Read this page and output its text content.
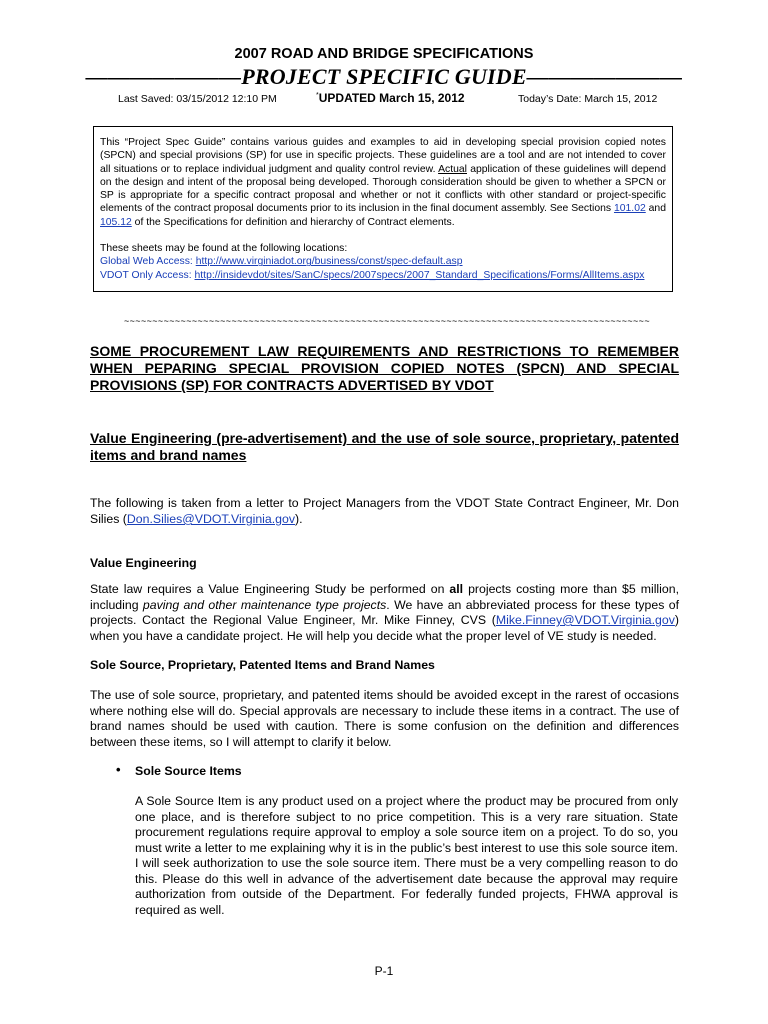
2007 ROAD AND BRIDGE SPECIFICATIONS
———————PROJECT SPECIFIC GUIDE———————
Last Saved: 03/15/2012 12:10 PM	*UPDATED March 15, 2012	Today’s Date: March 15, 2012

This “Project Spec Guide” contains various guides and examples to aid in developing special provision copied notes (SPCN) and special provisions (SP) for use in specific projects. These guidelines are a tool and are not intended to cover all situations or to replace individual judgment and quality control review. Actual application of these guidelines will depend on the design and intent of the proposal being developed. Thorough consideration should be given to whether a SPCN or SP is appropriate for a specific contract proposal and whether or not it conflicts with other standard or project-specific elements of the contract proposal documents prior to its inclusion in the final document assembly. See Sections 101.02 and 105.12 of the Specifications for definition and hierarchy of Contract elements.

These sheets may be found at the following locations:
Global Web Access: http://www.virginiadot.org/business/const/spec-default.asp
VDOT Only Access: http://insidevdot/sites/SanC/specs/2007specs/2007_Standard_Specifications/Forms/AllItems.aspx

~~~~~~~~~~~~~~~~~~~~~~~~~~~~~~~~~~~~~~~~~~~~~~~~~~~~~~~~~~~~~~~~~~~~~~~~~~~~~~~~~~~~~~~~~~~~~
SOME PROCUREMENT LAW REQUIREMENTS AND RESTRICTIONS TO REMEMBER WHEN PEPARING SPECIAL PROVISION COPIED NOTES (SPCN) AND SPECIAL PROVISIONS (SP) FOR CONTRACTS ADVERTISED BY VDOT
Value Engineering (pre-advertisement) and the use of sole source, proprietary, patented items and brand names
The following is taken from a letter to Project Managers from the VDOT State Contract Engineer, Mr. Don Silies (Don.Silies@VDOT.Virginia.gov).
Value Engineering
State law requires a Value Engineering Study be performed on all projects costing more than $5 million, including paving and other maintenance type projects. We have an abbreviated process for these types of projects. Contact the Regional Value Engineer, Mr. Mike Finney, CVS (Mike.Finney@VDOT.Virginia.gov) when you have a candidate project. He will help you decide what the proper level of VE study is needed.
Sole Source, Proprietary, Patented Items and Brand Names
The use of sole source, proprietary, and patented items should be avoided except in the rarest of occasions where nothing else will do. Special approvals are necessary to include these items in a contract. The use of brand names should be used with caution. There is some confusion on the definition and differences between these items, so I will attempt to clarify it below.
• Sole Source Items
A Sole Source Item is any product used on a project where the product may be procured from only one place, and is therefore subject to no price competition. This is a very rare situation. State procurement regulations require approval to employ a sole source item on a project. To do so, you must write a letter to me explaining why it is in the public’s best interest to use this sole source item. I will seek authorization to use the sole source item. There must be a very compelling reason to do this. Please do this well in advance of the advertisement date because the approval may require authorization from outside of the Department. For federally funded projects, FHWA approval is required as well.
P-1
